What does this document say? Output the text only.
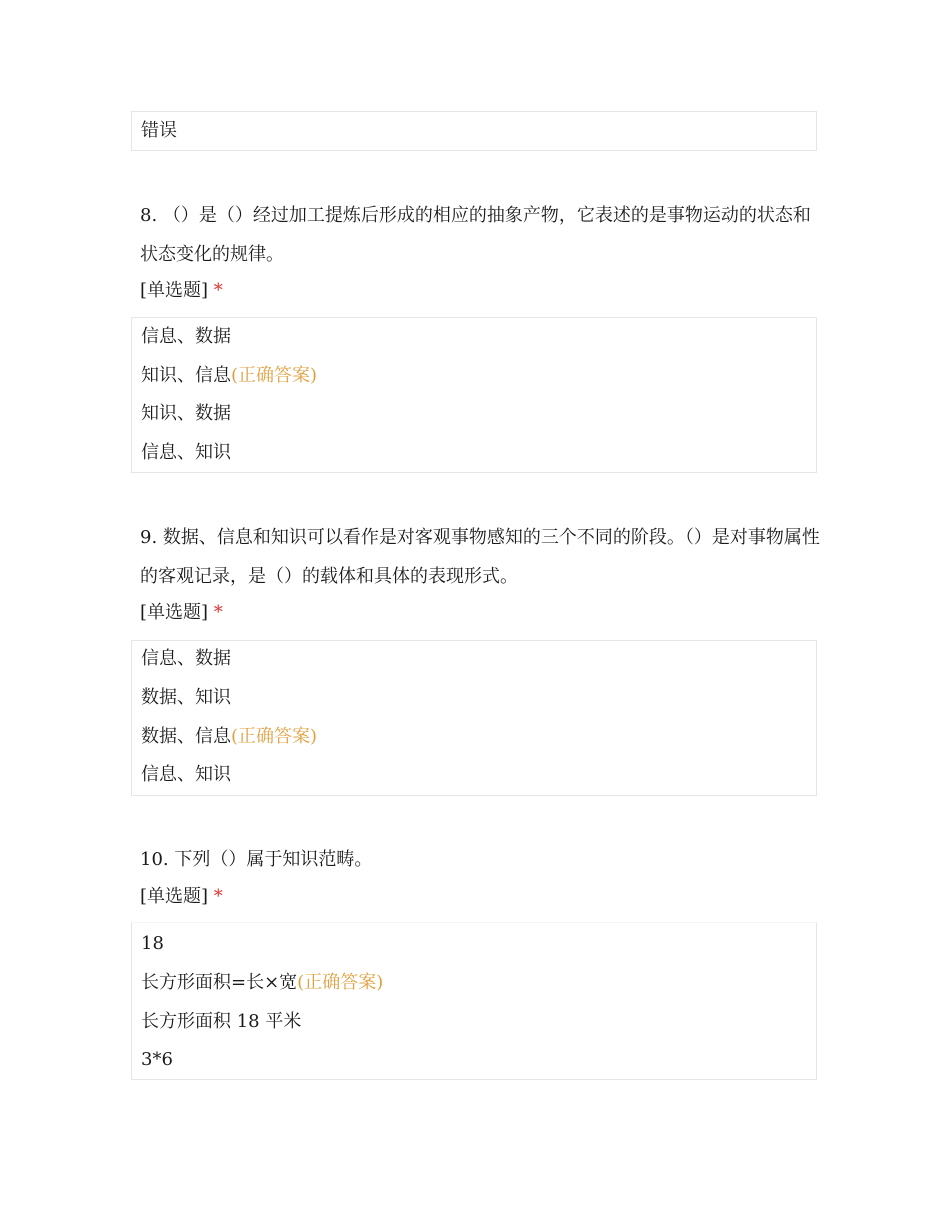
错误
8. （）是（）经过加工提炼后形成的相应的抽象产物，它表述的是事物运动的状态和状态变化的规律。
[单选题] *
信息、数据
知识、信息(正确答案)
知识、数据
信息、知识
9. 数据、信息和知识可以看作是对客观事物感知的三个不同的阶段。（）是对事物属性的客观记录，是（）的载体和具体的表现形式。
[单选题] *
信息、数据
数据、知识
数据、信息(正确答案)
信息、知识
10. 下列（）属于知识范畴。
[单选题] *
18
长方形面积=长×宽(正确答案)
长方形面积 18 平米
3*6
